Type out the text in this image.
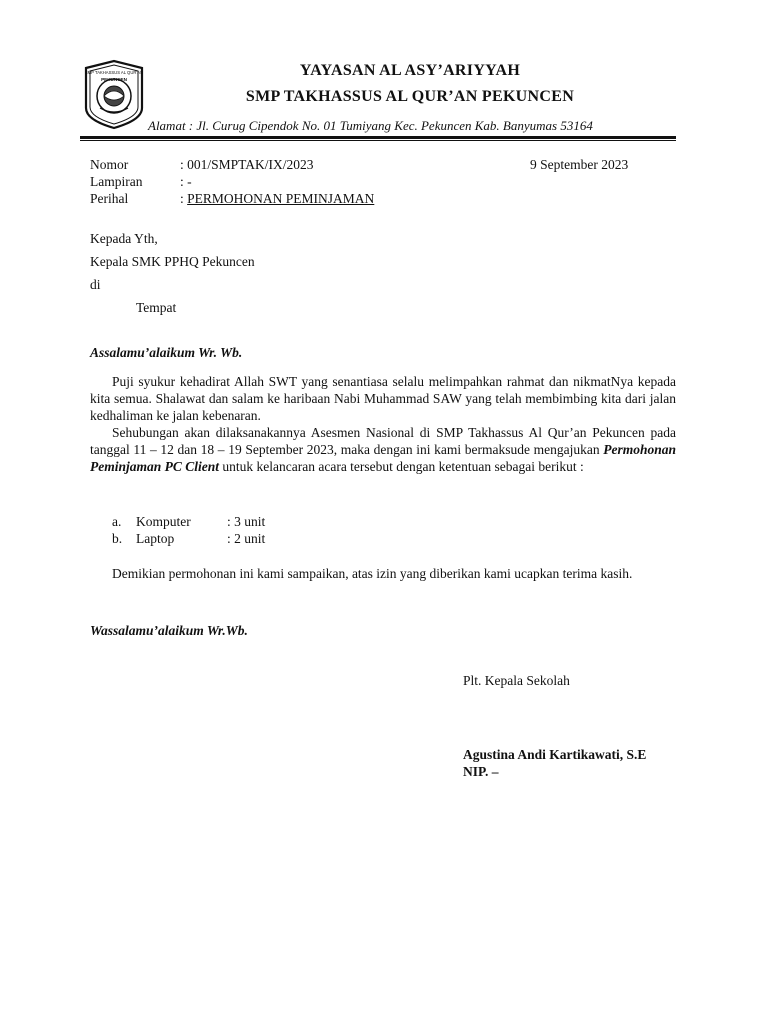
SMP TAKHASSUS AL QUR’AN
PEKUNCEN
YAYASAN AL ASY’ARIYYAH
SMP TAKHASSUS AL QUR’AN PEKUNCEN
Alamat : Jl. Curug Cipendok No. 01 Tumiyang Kec. Pekuncen Kab. Banyumas 53164
Nomor	: 001/SMPTAK/IX/2023	9 September 2023
Lampiran	: -
Perihal	: PERMOHONAN PEMINJAMAN
Kepada Yth,
Kepala SMK PPHQ Pekuncen
di
Tempat
Assalamu’alaikum Wr. Wb.

Puji syukur kehadirat Allah SWT yang senantiasa selalu melimpahkan rahmat dan nikmatNya kepada kita semua. Shalawat dan salam ke haribaan Nabi Muhammad SAW yang telah membimbing kita dari jalan kedhaliman ke jalan kebenaran.

Sehubungan akan dilaksanakannya Asesmen Nasional di SMP Takhassus Al Qur’an Pekuncen pada tanggal 11 – 12 dan 18 – 19 September 2023, maka dengan ini kami bermaksude mengajukan Permohonan Peminjaman PC Client untuk kelancaran acara tersebut dengan ketentuan sebagai berikut :

a. Komputer	: 3 unit
b. Laptop	: 2 unit

Demikian permohonan ini kami sampaikan, atas izin yang diberikan kami ucapkan terima kasih.

Wassalamu’alaikum Wr.Wb.
Plt. Kepala Sekolah
Agustina Andi Kartikawati, S.E
NIP. –
